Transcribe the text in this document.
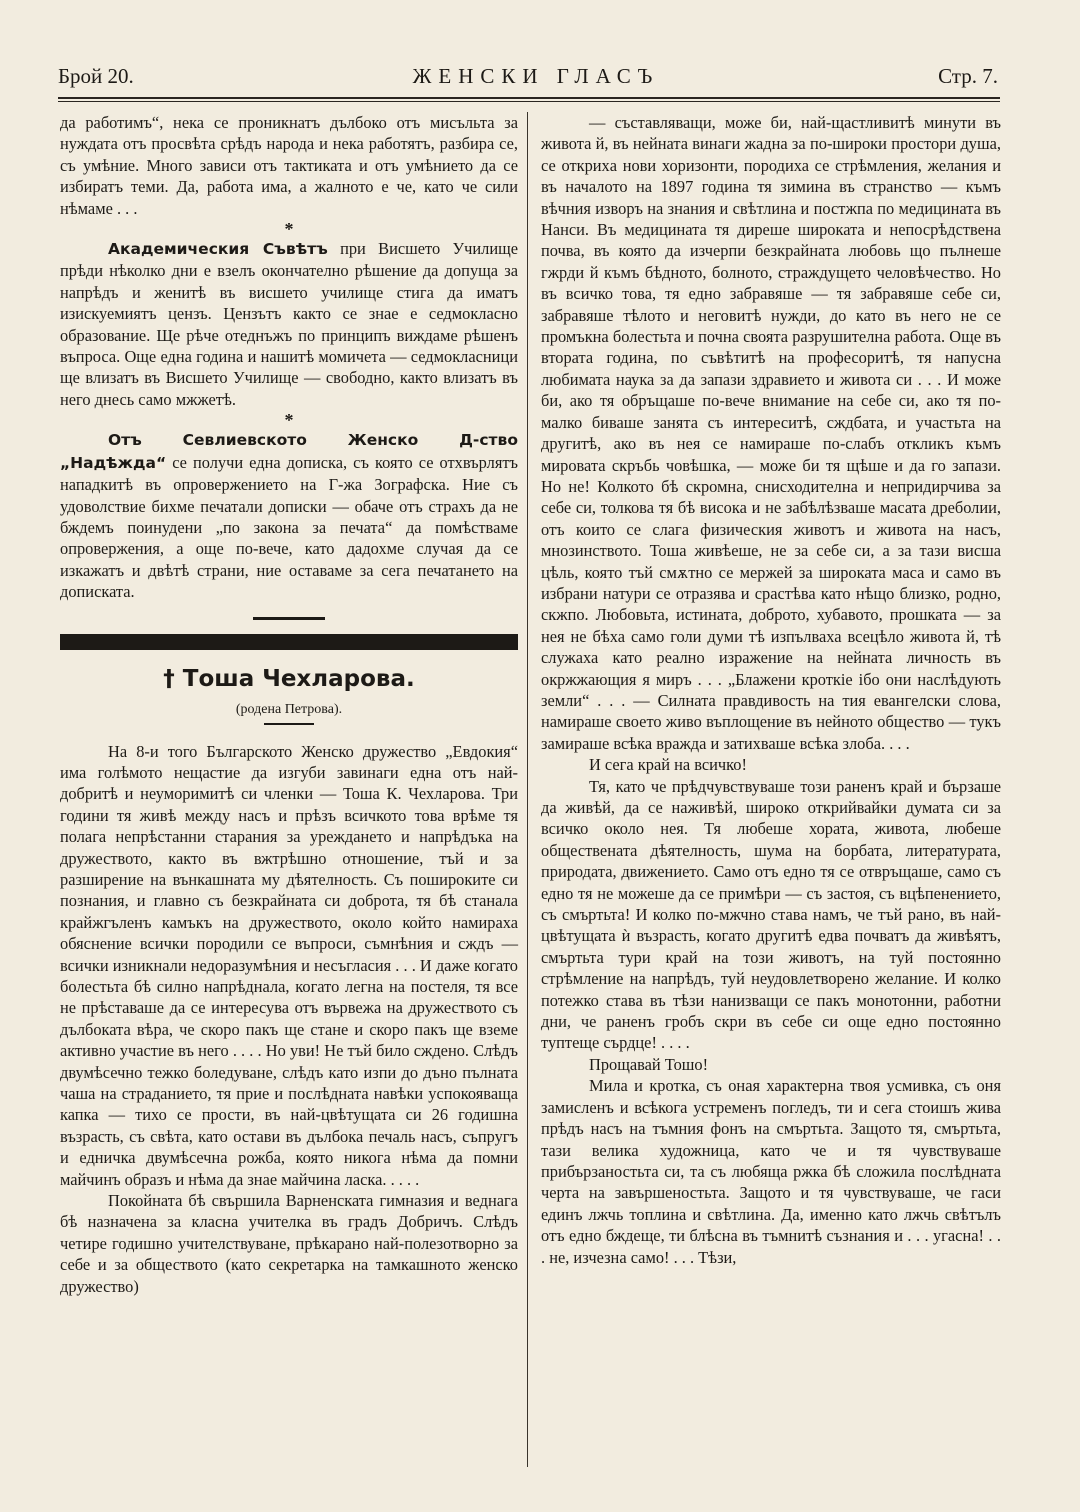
Брой 20.	ЖЕНСКИ ГЛАСЪ	Стр. 7.

да работимъ“, нека се проникнатъ дълбоко отъ мисъльта за нуждата отъ просвѣта срѣдъ народа и нека работятъ, разбира се, съ умѣние. Много зависи отъ тактиката и отъ умѣнието да се избиратъ теми. Да, работа има, а жалното е че, като че сили нѣмаме . . .

*

Академическия Съвѣтъ при Висшето Училище прѣди нѣколко дни е взелъ окончателно рѣшение да допуща за напрѣдъ и женитѣ въ висшето училище стига да иматъ изискуемиятъ цензъ. Цензътъ както се знае е седмокласно образование. Ще рѣче отеднъжъ по принципъ виждаме рѣшенъ въпроса. Още една година и нашитѣ момичета — седмокласници ще влизатъ въ Висшето Училище — свободно, както влизатъ въ него днесь само мжжетѣ.

*

Отъ Севлиевското Женско Д-ство „Надѣжда“ се получи една дописка, съ която се отхвърлятъ нападкитѣ въ опровержението на Г-жа Зографска. Ние съ удоволствие бихме печатали дописки — обаче отъ страхъ да не бждемъ поинудени „по закона за печата“ да помѣстваме опровержения, а още по-вече, като дадохме случая да се изкажатъ и двѣтѣ страни, ние оставаме за сега печатането на дописката.

† Тоша Чехларова.
(родена Петрова).

На 8-и того Българското Женско дружество „Евдокия“ има голѣмото нещастие да изгуби завинаги една отъ най-добритѣ и неуморимитѣ си членки — Тоша К. Чехларова. Три години тя живѣ между насъ и прѣзъ всичкото това врѣме тя полага непрѣстанни старания за уреждането и напрѣдъка на дружеството, както въ вжтрѣшно отношение, тъй и за разширение на вънкашната му дѣятелность. Съ пошироките си познания, и главно съ безкрайната си доброта, тя бѣ станала крайжгъленъ камъкъ на дружеството, около който намираха обяснение всички породили се въпроси, съмнѣния и сждъ — всички изникнали недоразумѣния и несъгласия . . . И даже когато болестьта бѣ силно напрѣднала, когато легна на постеля, тя все не прѣставаше да се интересува отъ вървежа на дружеството съ дълбоката вѣра, че скоро пакъ ще стане и скоро пакъ ще вземе активно участие въ него . . . . Но уви! Не тъй било сждено. Слѣдъ двумѣсечно тежко боледуване, слѣдъ като изпи до дъно пълната чаша на страданието, тя прие и послѣдната навѣки успокояваща капка — тихо се прости, въ най-цвѣтущата си 26 годишна възрасть, съ свѣта, като остави въ дълбока печаль насъ, съпругъ и едничка двумѣсечна рожба, която никога нѣма да помни майчинъ образъ и нѣма да знае майчина ласка. . . . .

Покойната бѣ свършила Варненската гимназия и веднага бѣ назначена за класна учителка въ градъ Добричъ. Слѣдъ четире годишно учителствуване, прѣкарано най-полезотворно за себе и за обществото (като секретарка на тамкашното женско дружество)

— съставляващи, може би, най-щастливитѣ минути въ живота й, въ нейната винаги жадна за по-широки простори душа, се открихa нови хоризонти, породиха се стрѣмления, желания и въ началото на 1897 година тя зимина въ странство — къмъ вѣчния изворъ на знания и свѣтлина и постжпа по медицината въ Нанси. Въ медицината тя диреше широката и непосрѣдствена почва, въ която да изчерпи безкрайната любовь що пълнеше гжрди й къмъ бѣдното, болното, страждущето человѣчество. Но въ всичко това, тя едно забравяше — тя забравяше себе си, забравяше тѣлото и неговитѣ нужди, до като въ него не се промъкна болестьта и почна своята разрушителна работа. Още въ втората година, по съвѣтитѣ на професоритѣ, тя напусна любимата наука за да запази здравието и живота си . . . И може би, ако тя обръщаше по-вече внимание на себе си, ако тя по-малко биваше занята съ интереситѣ, сждбата, и участьта на другитѣ, ако въ нея се намираше по-слабъ откликъ къмъ мировата скръбь човѣшка, — може би тя щѣше и да го запази. Но не! Колкото бѣ скромна, снисходителна и непридирчива за себе си, толкова тя бѣ висока и не забѣлѣзваше масата дреболии, отъ които се слага физическия животъ и живота на насъ, мнозинството. Тоша живѣеше, не за себе си, а за тази висша цѣль, която тъй смѫтно се мержей за широката маса и само въ избрани натури се отразява и срастѣва като нѣщо близко, родно, скжпо. Любовьта, истината, доброто, хубавото, прошката — за нея не бѣха само голи думи тѣ изпълваха всецѣло живота й, тѣ служаха като реално изражение на нейната личность въ окржжающия я миръ . . . „Блажени кроткiе iбо они наслѣдують земли“ . . . — Силната правдивость на тия евангелски слова, намираше своето живо въплощение въ нейното общество — тукъ замираше всѣка вражда и затихваше всѣка злоба. . . .

И сега край на всичко!

Тя, като че прѣдчувствуваше този раненъ край и бързаше да живѣй, да се наживѣй, широко открийвайки думата си за всичко около нея. Тя любеше хората, живота, любеше обществената дѣятелность, шума на борбата, литературата, природата, движението. Само отъ едно тя се отвръщаше, само съ едно тя не можеше да се примѣри — съ застоя, съ вцѣпенението, съ смъртьта! И колко по-мжчно става намъ, че тъй рано, въ най-цвѣтущата ѝ възрасть, когато другитѣ едва почватъ да живѣятъ, смъртьта тури край на този животъ, на туй постоянно стрѣмление на напрѣдъ, туй неудовлетворено желание. И колко потежко става въ тѣзи нанизващи се пакъ монотонни, работни дни, че раненъ гробъ скри въ себе си още едно постоянно туптеще сърдце! . . . .

Прощавай Тошо!

Мила и кротка, съ оная характерна твоя усмивка, съ оня замисленъ и всѣкога устременъ погледъ, ти и сега стоишъ жива прѣдъ насъ на тъмния фонъ на смъртьта. Защото тя, смъртьта, тази велика художница, като че и тя чувствуваше прибързаностьта си, та съ любяща ржка бѣ сложила послѣдната черта на завършеностьта. Защото и тя чувствуваше, че гаси единъ лжчь топлина и свѣтлина. Да, именно като лжчь свѣтълъ отъ едно бждеще, ти блѣсна въ тъмнитѣ съзнания и . . . угасна! . . . не, изчезна само! . . . Тѣзи,
